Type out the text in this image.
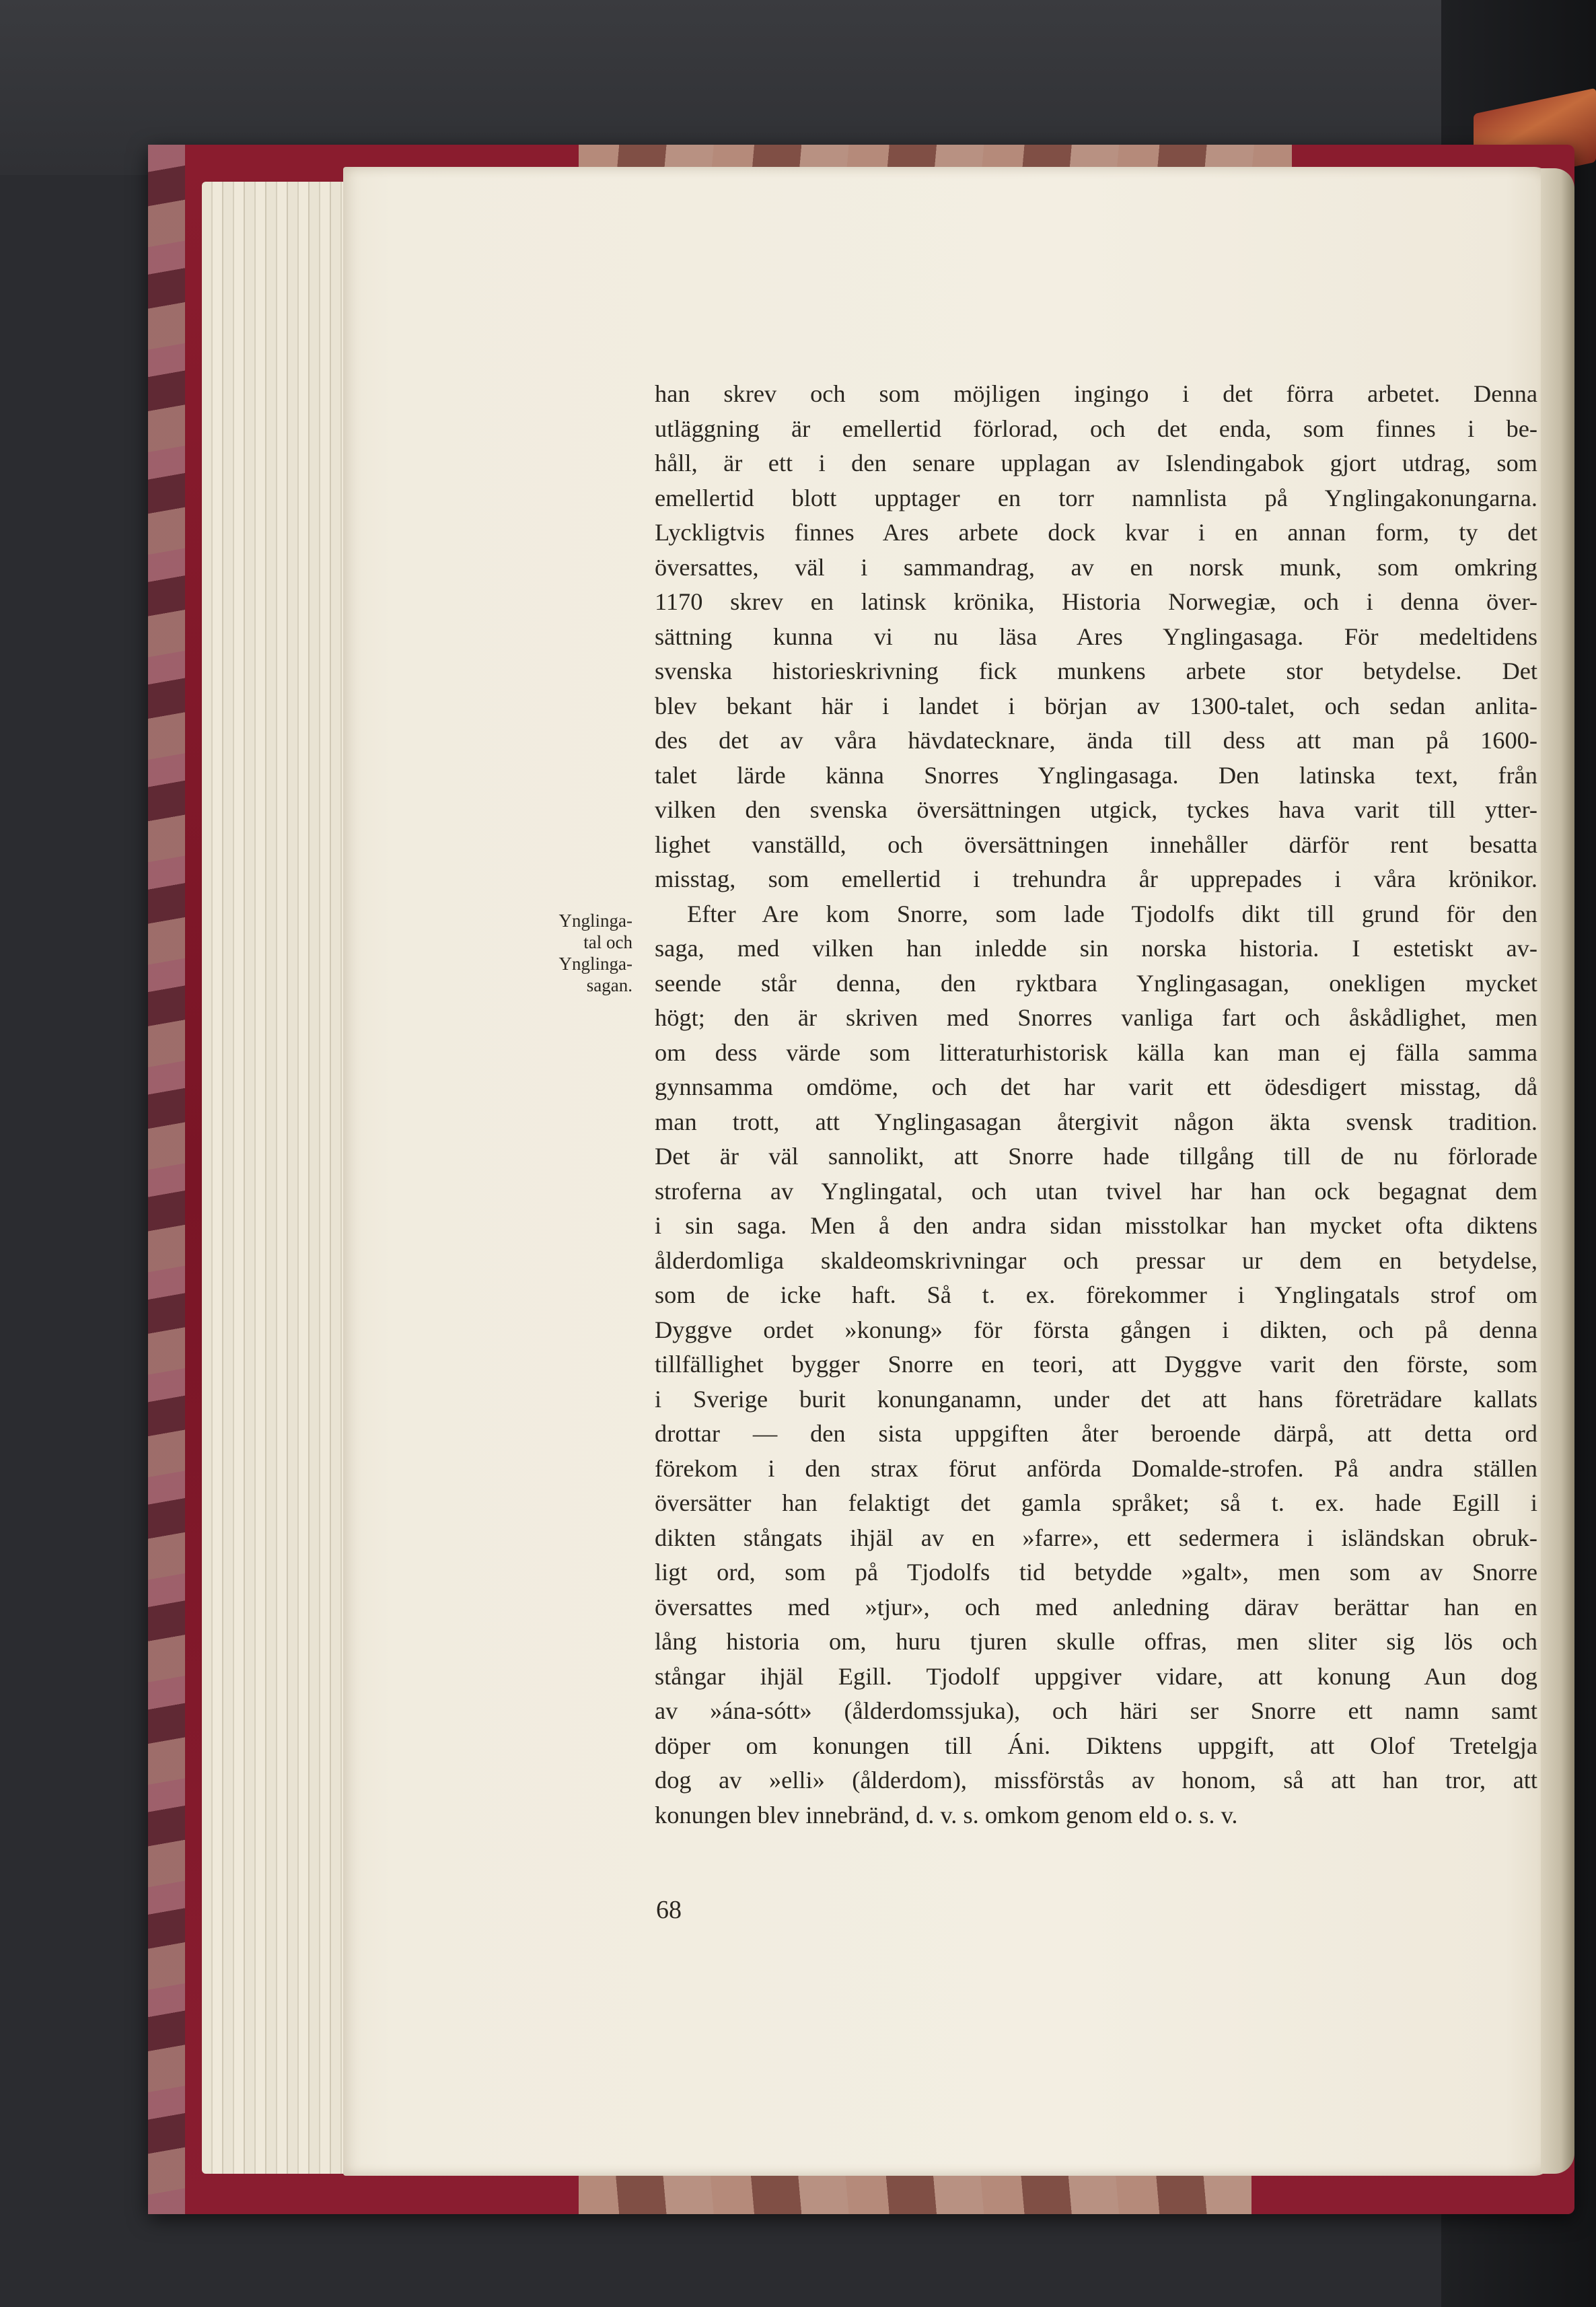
Ynglinga-
tal och
Ynglinga-
sagan.
han skrev och som möjligen ingingo i det förra arbetet. Denna
utläggning är emellertid förlorad, och det enda, som finnes i be-
håll, är ett i den senare upplagan av Islendingabok gjort utdrag, som
emellertid blott upptager en torr namnlista på Ynglingakonungarna.
Lyckligtvis finnes Ares arbete dock kvar i en annan form, ty det
översattes, väl i sammandrag, av en norsk munk, som omkring
1170 skrev en latinsk krönika, Historia Norwegiæ, och i denna över-
sättning kunna vi nu läsa Ares Ynglingasaga. För medeltidens
svenska historieskrivning fick munkens arbete stor betydelse. Det
blev bekant här i landet i början av 1300-talet, och sedan anlita-
des det av våra hävdatecknare, ända till dess att man på 1600-
talet lärde känna Snorres Ynglingasaga. Den latinska text, från
vilken den svenska översättningen utgick, tyckes hava varit till ytter-
lighet vanställd, och översättningen innehåller därför rent besatta
misstag, som emellertid i trehundra år upprepades i våra krönikor.
Efter Are kom Snorre, som lade Tjodolfs dikt till grund för den
saga, med vilken han inledde sin norska historia. I estetiskt av-
seende står denna, den ryktbara Ynglingasagan, onekligen mycket
högt; den är skriven med Snorres vanliga fart och åskådlighet, men
om dess värde som litteraturhistorisk källa kan man ej fälla samma
gynnsamma omdöme, och det har varit ett ödesdigert misstag, då
man trott, att Ynglingasagan återgivit någon äkta svensk tradition.
Det är väl sannolikt, att Snorre hade tillgång till de nu förlorade
stroferna av Ynglingatal, och utan tvivel har han ock begagnat dem
i sin saga. Men å den andra sidan misstolkar han mycket ofta diktens
ålderdomliga skaldeomskrivningar och pressar ur dem en betydelse,
som de icke haft. Så t. ex. förekommer i Ynglingatals strof om
Dyggve ordet »konung» för första gången i dikten, och på denna
tillfällighet bygger Snorre en teori, att Dyggve varit den förste, som
i Sverige burit konunganamn, under det att hans företrädare kallats
drottar — den sista uppgiften åter beroende därpå, att detta ord
förekom i den strax förut anförda Domalde-strofen. På andra ställen
översätter han felaktigt det gamla språket; så t. ex. hade Egill i
dikten stångats ihjäl av en »farre», ett sedermera i isländskan obruk-
ligt ord, som på Tjodolfs tid betydde »galt», men som av Snorre
översattes med »tjur», och med anledning därav berättar han en
lång historia om, huru tjuren skulle offras, men sliter sig lös och
stångar ihjäl Egill. Tjodolf uppgiver vidare, att konung Aun dog
av »ána-sótt» (ålderdomssjuka), och häri ser Snorre ett namn samt
döper om konungen till Áni. Diktens uppgift, att Olof Tretelgja
dog av »elli» (ålderdom), missförstås av honom, så att han tror, att
konungen blev innebränd, d. v. s. omkom genom eld o. s. v.
68
